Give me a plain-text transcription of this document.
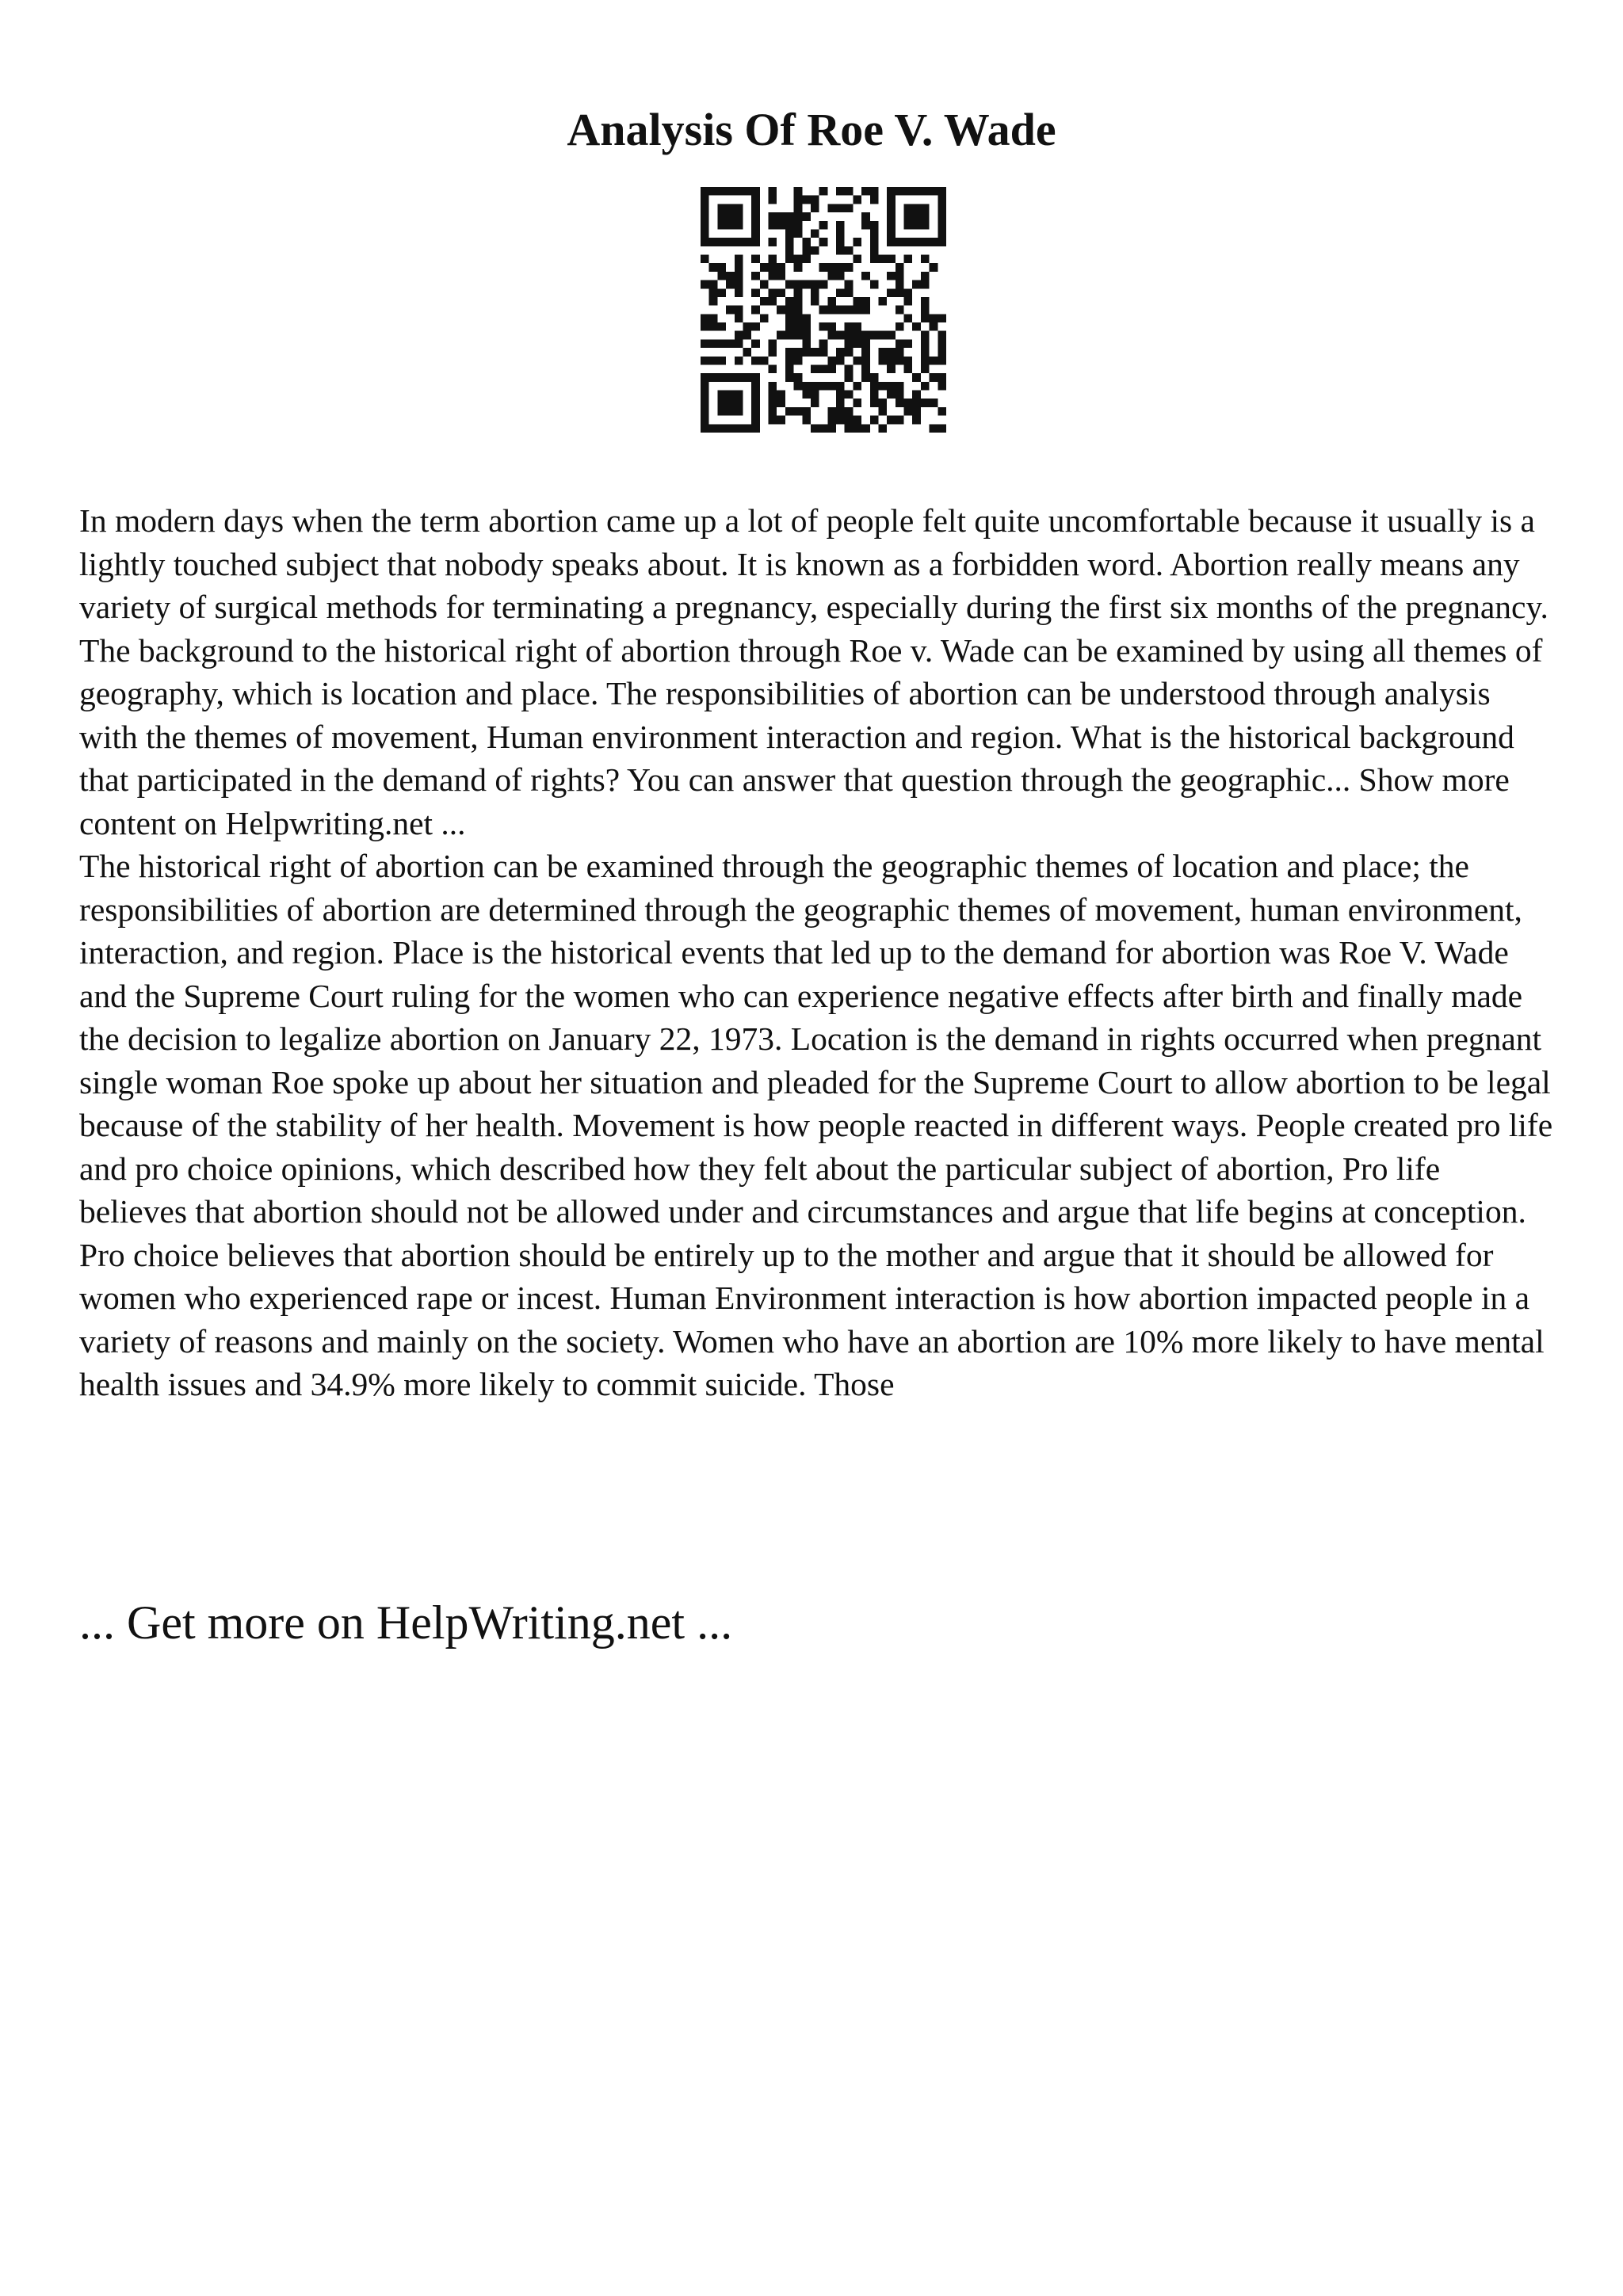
Analysis Of Roe V. Wade

In modern days when the term abortion came up a lot of people felt quite uncomfortable because it usually is a lightly touched subject that nobody speaks about. It is known as a forbidden word. Abortion really means any variety of surgical methods for terminating a pregnancy, especially during the first six months of the pregnancy. The background to the historical right of abortion through Roe v. Wade can be examined by using all themes of geography, which is location and place. The responsibilities of abortion can be understood through analysis with the themes of movement, Human environment interaction and region. What is the historical background that participated in the demand of rights? You can answer that question through the geographic... Show more content on Helpwriting.net ...

The historical right of abortion can be examined through the geographic themes of location and place; the responsibilities of abortion are determined through the geographic themes of movement, human environment, interaction, and region. Place is the historical events that led up to the demand for abortion was Roe V. Wade and the Supreme Court ruling for the women who can experience negative effects after birth and finally made the decision to legalize abortion on January 22, 1973. Location is the demand in rights occurred when pregnant single woman Roe spoke up about her situation and pleaded for the Supreme Court to allow abortion to be legal because of the stability of her health. Movement is how people reacted in different ways. People created pro life and pro choice opinions, which described how they felt about the particular subject of abortion, Pro life believes that abortion should not be allowed under and circumstances and argue that life begins at conception. Pro choice believes that abortion should be entirely up to the mother and argue that it should be allowed for women who experienced rape or incest. Human Environment interaction is how abortion impacted people in a variety of reasons and mainly on the society. Women who have an abortion are 10% more likely to have mental health issues and 34.9% more likely to commit suicide. Those

... Get more on HelpWriting.net ...
